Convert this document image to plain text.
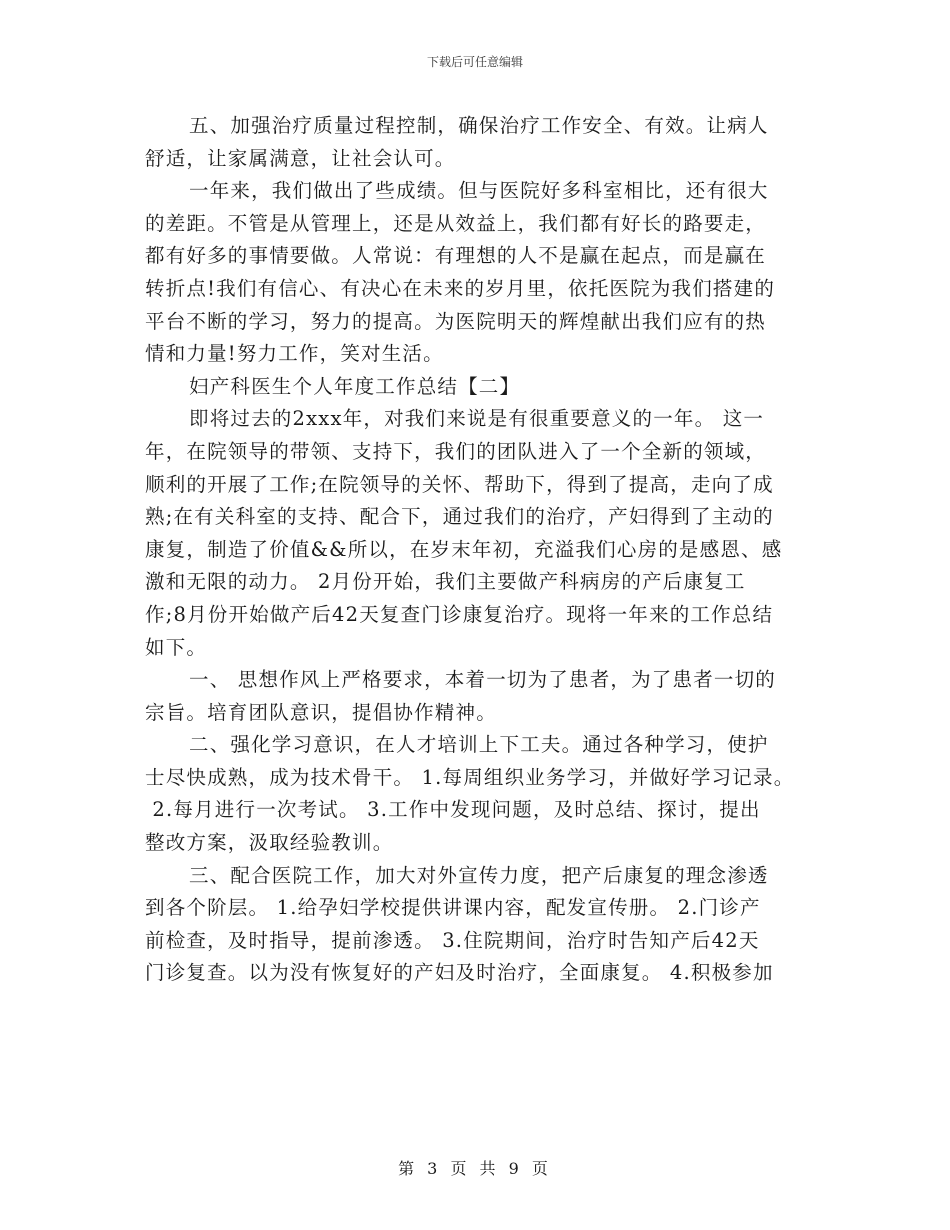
下载后可任意编辑
五、加强治疗质量过程控制，确保治疗工作安全、有效。让病人
舒适，让家属满意，让社会认可。
一年来，我们做出了些成绩。但与医院好多科室相比，还有很大
的差距。不管是从管理上，还是从效益上，我们都有好长的路要走，
都有好多的事情要做。人常说：有理想的人不是赢在起点，而是赢在
转折点!我们有信心、有决心在未来的岁月里，依托医院为我们搭建的
平台不断的学习，努力的提高。为医院明天的辉煌献出我们应有的热
情和力量!努力工作，笑对生活。
妇产科医生个人年度工作总结【二】
即将过去的2xxx年，对我们来说是有很重要意义的一年。 这一
年，在院领导的带领、支持下，我们的团队进入了一个全新的领域，
顺利的开展了工作;在院领导的关怀、帮助下，得到了提高，走向了成
熟;在有关科室的支持、配合下，通过我们的治疗，产妇得到了主动的
康复，制造了价值&&所以，在岁末年初，充溢我们心房的是感恩、感
激和无限的动力。 2月份开始，我们主要做产科病房的产后康复工
作;8月份开始做产后42天复查门诊康复治疗。现将一年来的工作总结
如下。
一、 思想作风上严格要求，本着一切为了患者，为了患者一切的
宗旨。培育团队意识，提倡协作精神。
二、强化学习意识，在人才培训上下工夫。通过各种学习，使护
士尽快成熟，成为技术骨干。 1.每周组织业务学习，并做好学习记录。
2.每月进行一次考试。 3.工作中发现问题，及时总结、探讨，提出
整改方案，汲取经验教训。
三、配合医院工作，加大对外宣传力度，把产后康复的理念渗透
到各个阶层。 1.给孕妇学校提供讲课内容，配发宣传册。 2.门诊产
前检查，及时指导，提前渗透。 3.住院期间，治疗时告知产后42天
门诊复查。以为没有恢复好的产妇及时治疗，全面康复。 4.积极参加
第 3 页 共 9 页
